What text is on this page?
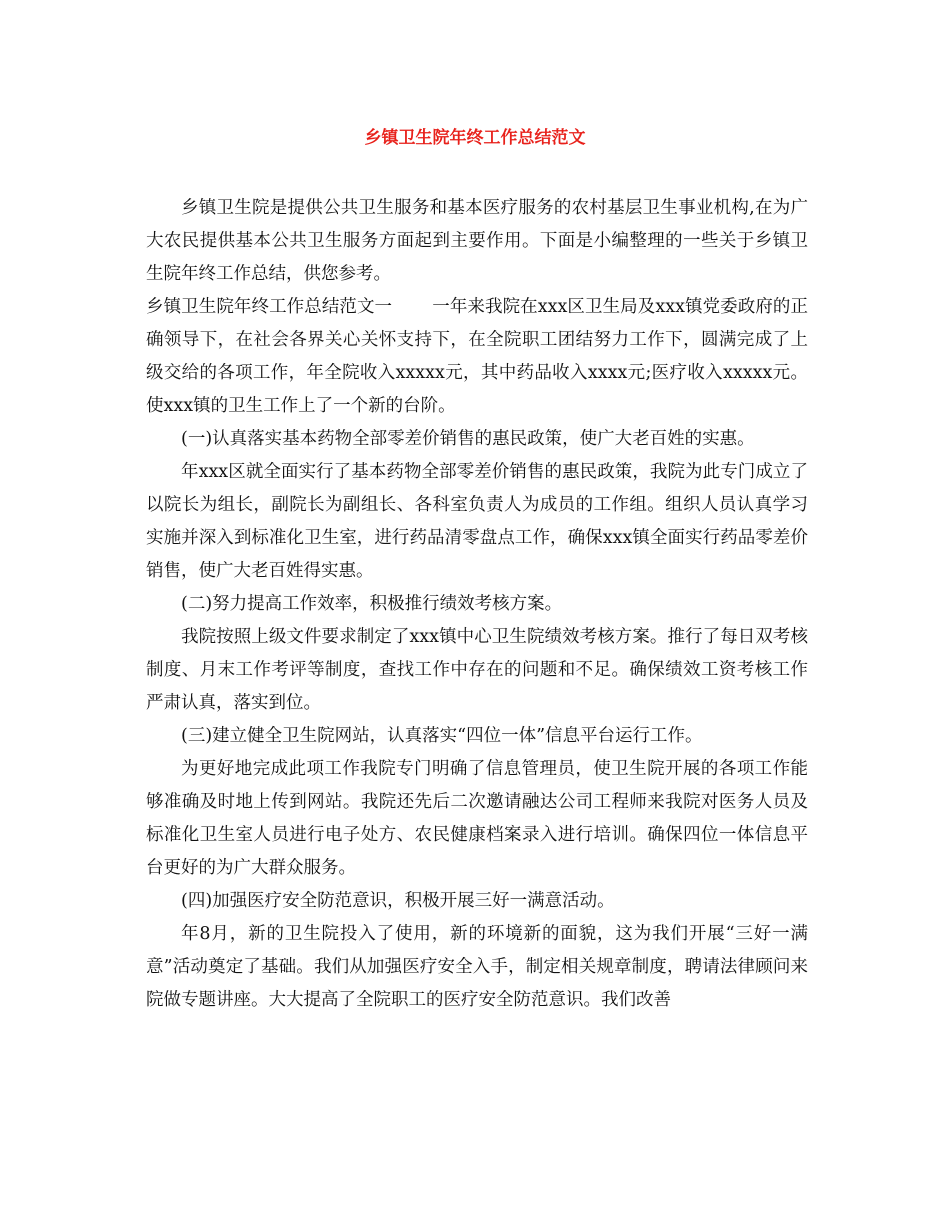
乡镇卫生院年终工作总结范文

乡镇卫生院是提供公共卫生服务和基本医疗服务的农村基层卫生事业机构,在为广大农民提供基本公共卫生服务方面起到主要作用。下面是小编整理的一些关于乡镇卫生院年终工作总结，供您参考。

乡镇卫生院年终工作总结范文一 一年来我院在xxx区卫生局及xxx镇党委政府的正确领导下，在社会各界关心关怀支持下，在全院职工团结努力工作下，圆满完成了上级交给的各项工作，年全院收入xxxxx元，其中药品收入xxxx元;医疗收入xxxxx元。使xxx镇的卫生工作上了一个新的台阶。

(一)认真落实基本药物全部零差价销售的惠民政策，使广大老百姓的实惠。

年xxx区就全面实行了基本药物全部零差价销售的惠民政策，我院为此专门成立了以院长为组长，副院长为副组长、各科室负责人为成员的工作组。组织人员认真学习实施并深入到标准化卫生室，进行药品清零盘点工作，确保xxx镇全面实行药品零差价销售，使广大老百姓得实惠。

(二)努力提高工作效率，积极推行绩效考核方案。

我院按照上级文件要求制定了xxx镇中心卫生院绩效考核方案。推行了每日双考核制度、月末工作考评等制度，查找工作中存在的问题和不足。确保绩效工资考核工作严肃认真，落实到位。

(三)建立健全卫生院网站，认真落实“四位一体”信息平台运行工作。

为更好地完成此项工作我院专门明确了信息管理员，使卫生院开展的各项工作能够准确及时地上传到网站。我院还先后二次邀请融达公司工程师来我院对医务人员及标准化卫生室人员进行电子处方、农民健康档案录入进行培训。确保四位一体信息平台更好的为广大群众服务。

(四)加强医疗安全防范意识，积极开展三好一满意活动。

年8月，新的卫生院投入了使用，新的环境新的面貌，这为我们开展“三好一满意”活动奠定了基础。我们从加强医疗安全入手，制定相关规章制度，聘请法律顾问来院做专题讲座。大大提高了全院职工的医疗安全防范意识。我们改善
